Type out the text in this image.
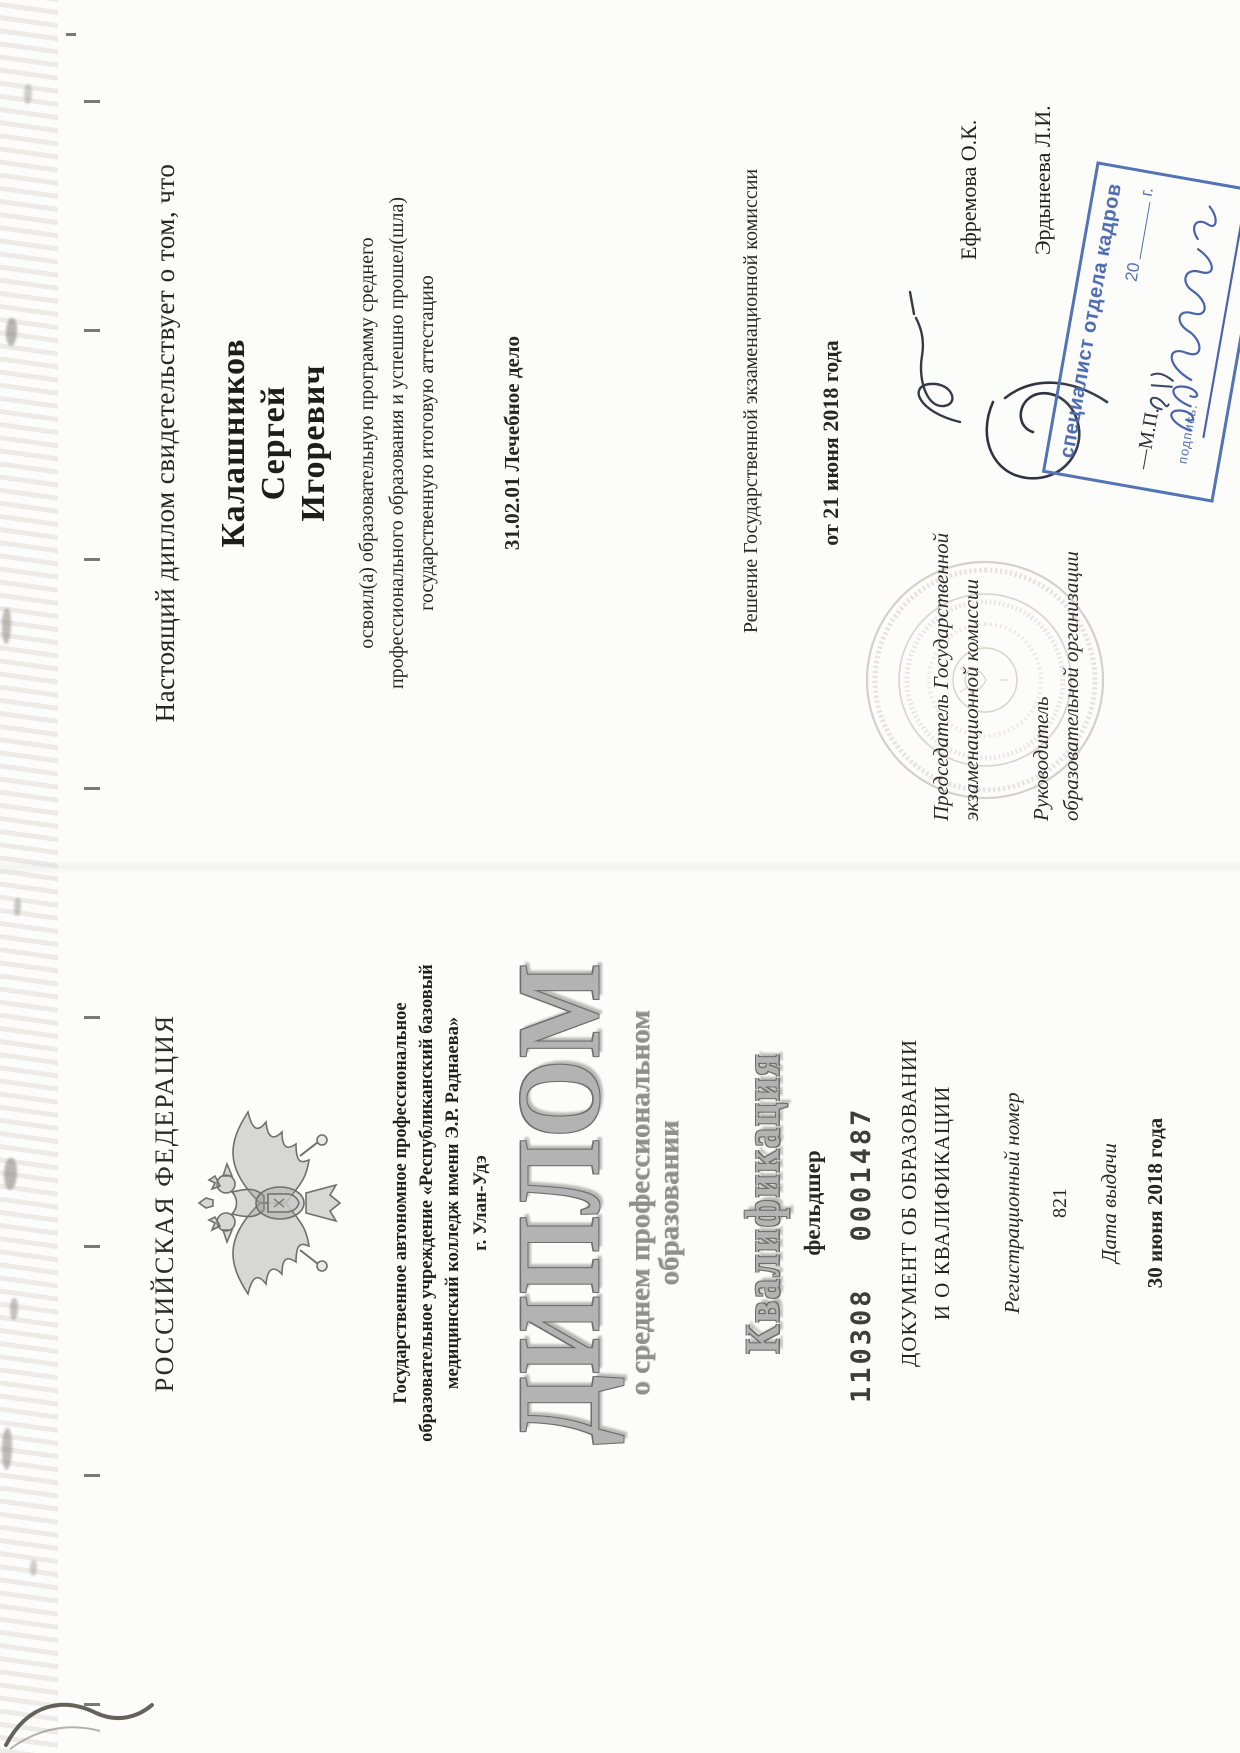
РОССИЙСКАЯ ФЕДЕРАЦИЯ	Государственное автономное профессиональное образовательное учреждение «Республиканский базовый медицинский колледж имени Э.Р. Раднаева» г. Улан-Удэ ДИПЛОМ о среднем профессиональном
образовании Квалификация фельдшер
110308
0001487 ДОКУМЕНТ ОБ ОБРАЗОВАНИИ И О КВАЛИФИКАЦИИ Регистрационный номер 821 Дата выдачи 30 июня 2018 года
Настоящий диплом свидетельствует о том, что Калашников Сергей Игоревич освоил(а) образовательную программу среднего профессионального образования и успешно прошел(шла) государственную итоговую аттестацию	31.02.01 Лечебное дело	Решение Государственной экзаменационной комиссии	от 21 июня 2018 года
Председатель Государственной экзаменационной комиссии
Ефремова О.К.
Руководитель образовательной организации
Эрдынеева Л.И.
специалист отдела кадров
20  г.
—М.П. подпись.
